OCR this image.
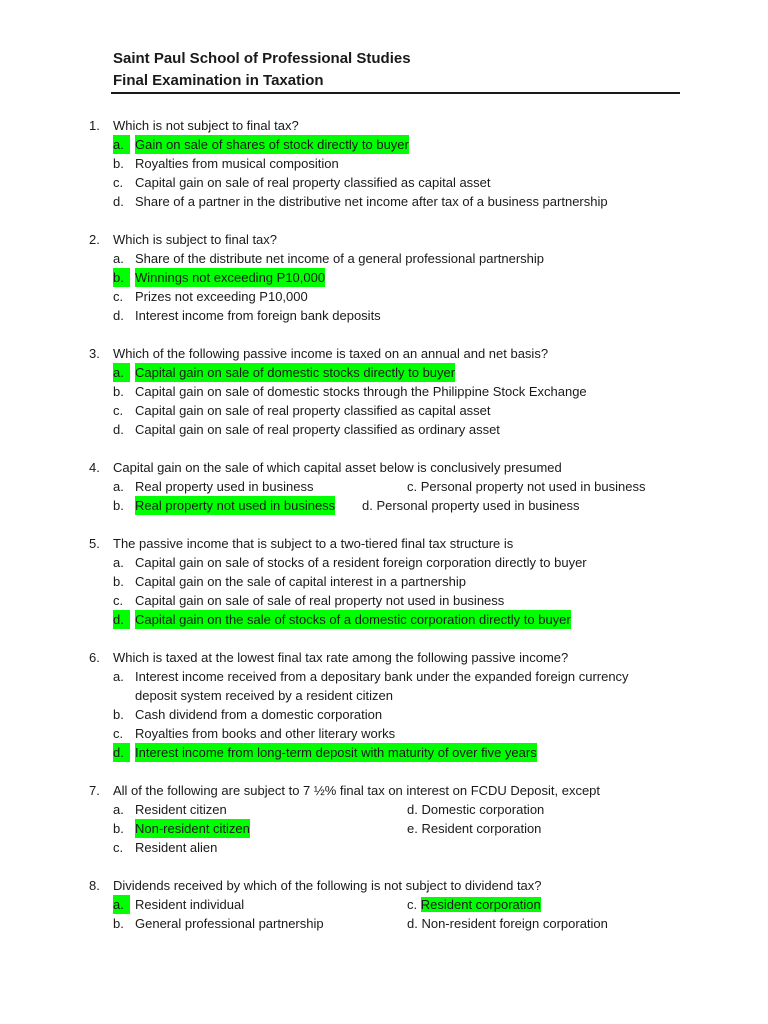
Saint Paul School of Professional Studies
Final Examination in Taxation
1. Which is not subject to final tax?
a. Gain on sale of shares of stock directly to buyer
b. Royalties from musical composition
c. Capital gain on sale of real property classified as capital asset
d. Share of a partner in the distributive net income after tax of a business partnership
2. Which is subject to final tax?
a. Share of the distribute net income of a general professional partnership
b. Winnings not exceeding P10,000
c. Prizes not exceeding P10,000
d. Interest income from foreign bank deposits
3. Which of the following passive income is taxed on an annual and net basis?
a. Capital gain on sale of domestic stocks directly to buyer
b. Capital gain on sale of domestic stocks through the Philippine Stock Exchange
c. Capital gain on sale of real property classified as capital asset
d. Capital gain on sale of real property classified as ordinary asset
4. Capital gain on the sale of which capital asset below is conclusively presumed
a. Real property used in business	c. Personal property not used in business
b. Real property not used in business d. Personal property used in business
5. The passive income that is subject to a two-tiered final tax structure is
a. Capital gain on sale of stocks of a resident foreign corporation directly to buyer
b. Capital gain on the sale of capital interest in a partnership
c. Capital gain on sale of sale of real property not used in business
d. Capital gain on the sale of stocks of a domestic corporation directly to buyer
6. Which is taxed at the lowest final tax rate among the following passive income?
a. Interest income received from a depositary bank under the expanded foreign currency
deposit system received by a resident citizen
b. Cash dividend from a domestic corporation
c. Royalties from books and other literary works
d. Interest income from long-term deposit with maturity of over five years
7. All of the following are subject to 7 ½% final tax on interest on FCDU Deposit, except
a. Resident citizen	d. Domestic corporation
b. Non-resident citizen	e. Resident corporation
c. Resident alien
8. Dividends received by which of the following is not subject to dividend tax?
a. Resident individual	c. Resident corporation
b. General professional partnership	d. Non-resident foreign corporation
